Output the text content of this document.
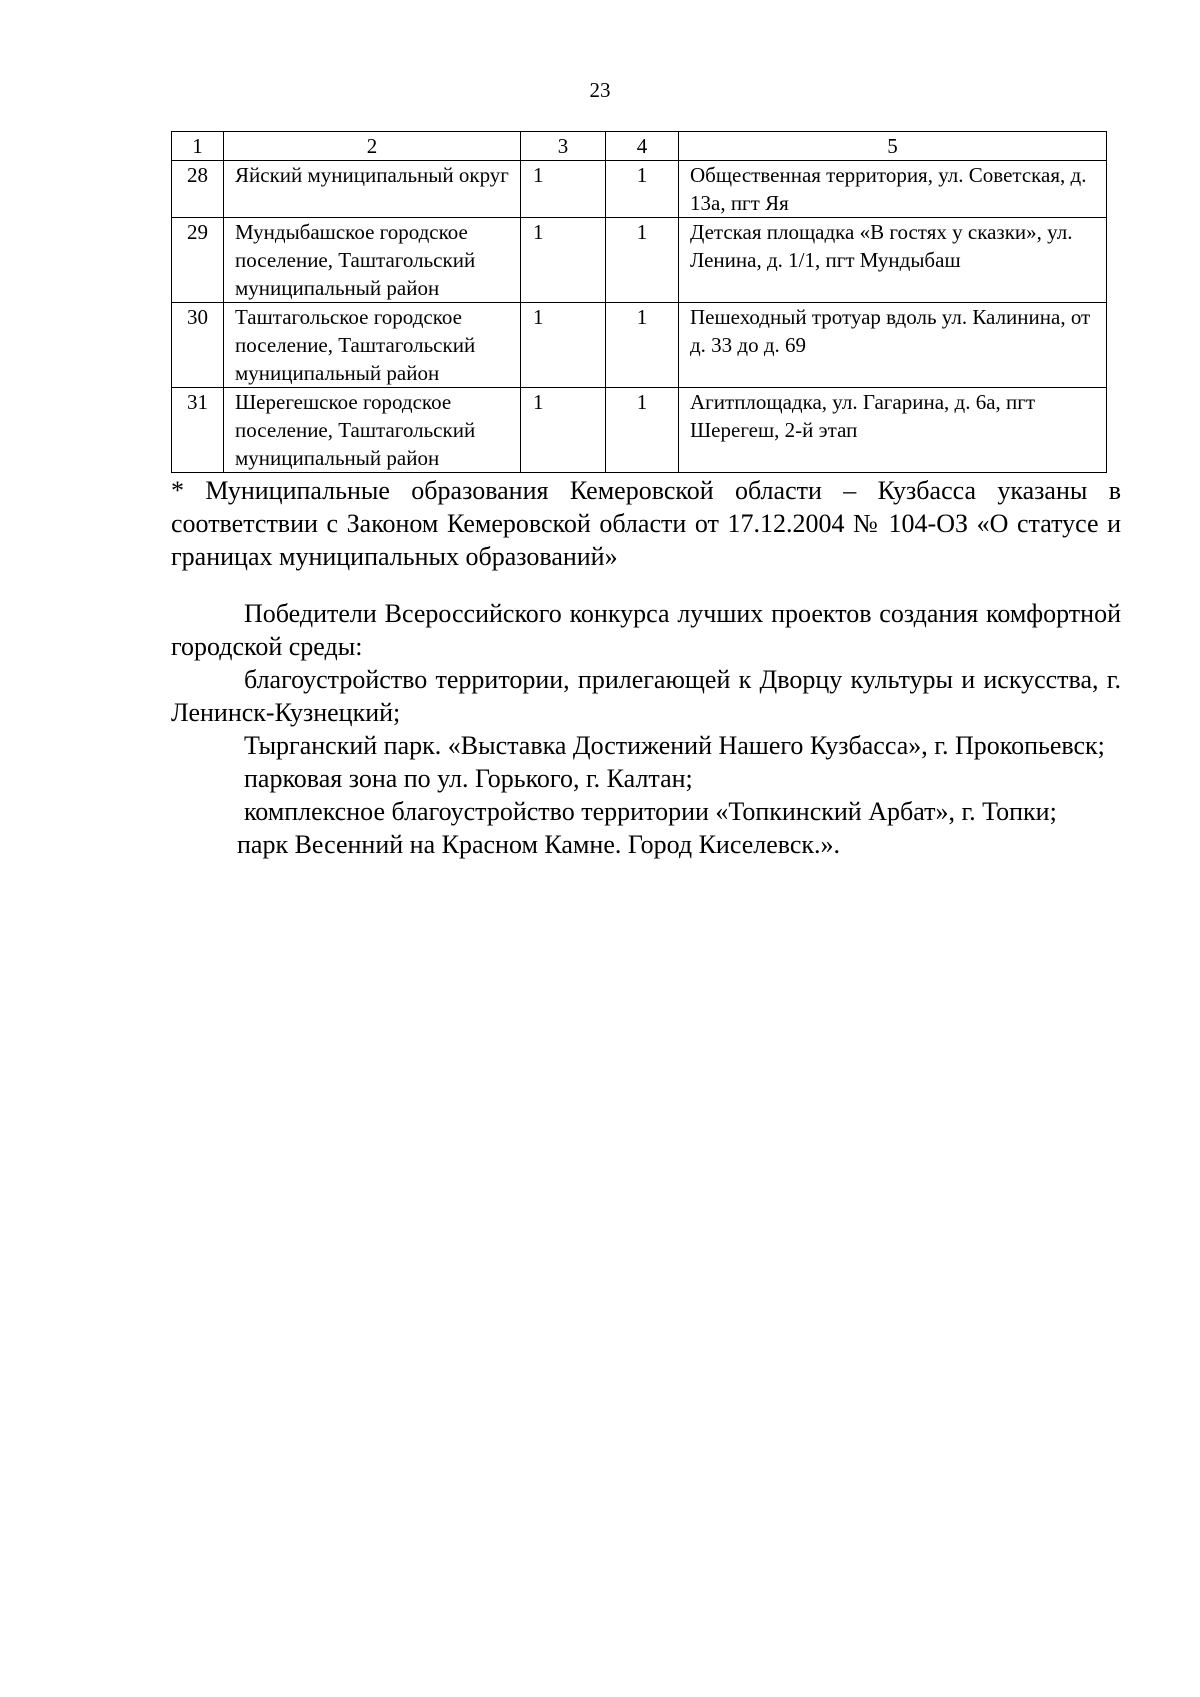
23
1	2	3	4	5
28	Яйский муниципальный округ	1	1	Общественная территория, ул. Советская, д. 13а, пгт Яя
29	Мундыбашское городское поселение, Таштагольский муниципальный район	1	1	Детская площадка «В гостях у сказки», ул. Ленина, д. 1/1, пгт Мундыбаш
30	Таштагольское городское поселение, Таштагольский муниципальный район	1	1	Пешеходный тротуар вдоль ул. Калинина, от д. 33 до д. 69
31	Шерегешское городское поселение, Таштагольский муниципальный район	1	1	Агитплощадка, ул. Гагарина, д. 6а, пгт Шерегеш, 2-й этап
* Муниципальные образования Кемеровской области – Кузбасса указаны в соответствии с Законом Кемеровской области от 17.12.2004 № 104-ОЗ «О статусе и границах муниципальных образований»

Победители Всероссийского конкурса лучших проектов создания комфортной городской среды:

благоустройство территории, прилегающей к Дворцу культуры и искусства, г. Ленинск-Кузнецкий;

Тырганский парк. «Выставка Достижений Нашего Кузбасса», г. Прокопьевск;

парковая зона по ул. Горького, г. Калтан;

комплексное благоустройство территории «Топкинский Арбат», г. Топки;

парк Весенний на Красном Камне. Город Киселевск.».
